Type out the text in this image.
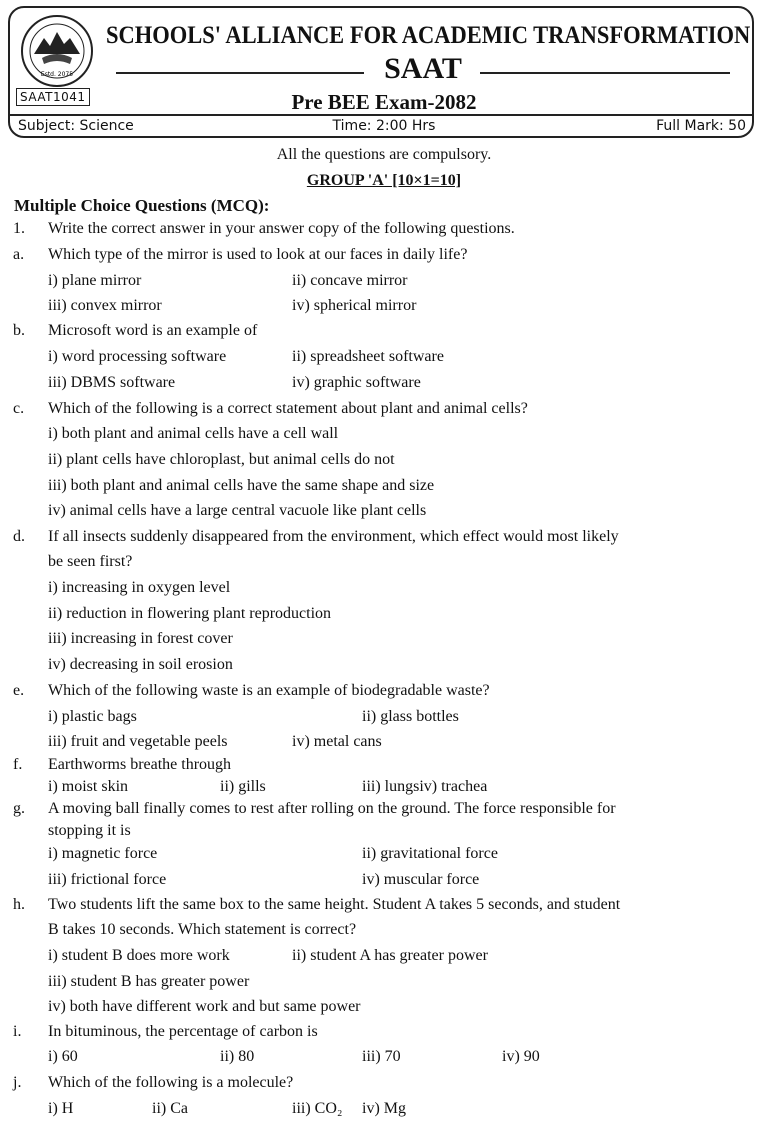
Estd. 2075
SAAT1041
SCHOOLS' ALLIANCE FOR ACADEMIC TRANSFORMATION
SAAT
Pre BEE Exam-2082
Subject: Science	Time: 2:00 Hrs	Full Mark: 50
All the questions are compulsory.
GROUP 'A' [10×1=10]
Multiple Choice Questions (MCQ):
1. Write the correct answer in your answer copy of the following questions.
a. Which type of the mirror is used to look at our faces in daily life?
i) plane mirror	ii) concave mirror
iii) convex mirror	iv) spherical mirror
b. Microsoft word is an example of
i) word processing software	ii) spreadsheet software
iii) DBMS software	iv) graphic software
c. Which of the following is a correct statement about plant and animal cells?
i) both plant and animal cells have a cell wall
ii) plant cells have chloroplast, but animal cells do not
iii) both plant and animal cells have the same shape and size
iv) animal cells have a large central vacuole like plant cells
d. If all insects suddenly disappeared from the environment, which effect would most likely
be seen first?
i) increasing in oxygen level
ii) reduction in flowering plant reproduction
iii) increasing in forest cover
iv) decreasing in soil erosion
e. Which of the following waste is an example of biodegradable waste?
i) plastic bags	ii) glass bottles
iii) fruit and vegetable peels	iv) metal cans
f. Earthworms breathe through
i) moist skin	ii) gills	iii) lungsiv) trachea
g. A moving ball finally comes to rest after rolling on the ground. The force responsible for
stopping it is
i) magnetic force	ii) gravitational force
iii) frictional force	iv) muscular force
h. Two students lift the same box to the same height. Student A takes 5 seconds, and student
B takes 10 seconds. Which statement is correct?
i) student B does more work	ii) student A has greater power
iii) student B has greater power
iv) both have different work and but same power
i. In bituminous, the percentage of carbon is
i) 60	ii) 80	iii) 70	iv) 90
j. Which of the following is a molecule?
i) H	ii) Ca	iii) CO₂ iv) Mg
